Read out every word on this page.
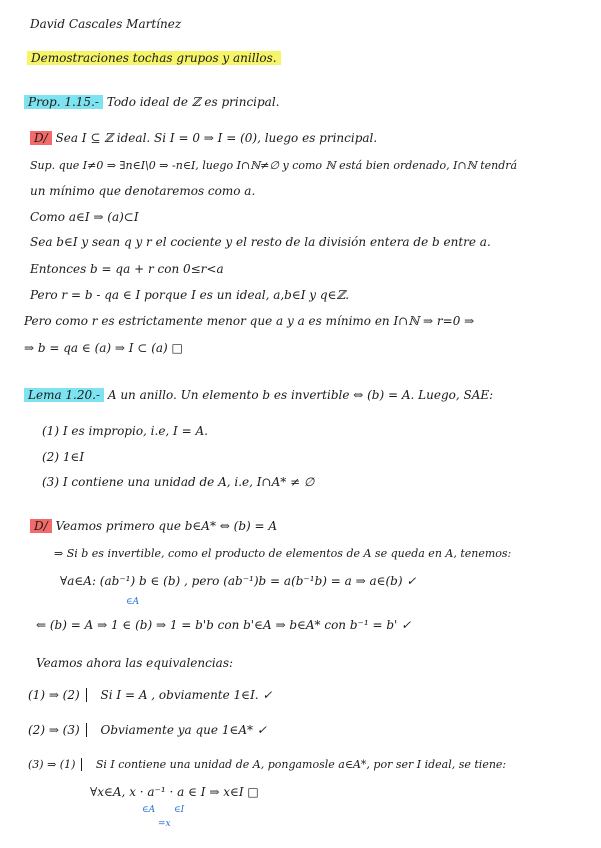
David Cascales Martínez
Demostraciones tochas grupos y anillos.
Prop. 1.15.- Todo ideal de ℤ es principal.
D/ Sea I ⊆ ℤ ideal. Si I = 0 ⇒ I = (0), luego es principal.
Sup. que I≠0 ⇒ ∃n∈I\0 ⇒ -n∈I, luego I∩ℕ≠∅ y como ℕ está bien ordenado, I∩ℕ tendrá
un mínimo que denotaremos como a.
Como a∈I ⇒ (a)⊂I
Sea b∈I y sean q y r el cociente y el resto de la división entera de b entre a.
Entonces b = qa + r con 0≤r<a
Pero r = b - qa ∈ I porque I es un ideal, a,b∈I y q∈ℤ.
Pero como r es estrictamente menor que a y a es mínimo en I∩ℕ ⇒ r=0 ⇒
⇒ b = qa ∈ (a) ⇒ I ⊂ (a) □
Lema 1.20.- A un anillo. Un elemento b es invertible ⇔ (b) = A. Luego, SAE:
(1) I es impropio, i.e, I = A.
(2) 1∈I
(3) I contiene una unidad de A, i.e, I∩A* ≠ ∅
D/ Veamos primero que b∈A* ⇔ (b) = A
⇒ Si b es invertible, como el producto de elementos de A se queda en A, tenemos:
∀a∈A: (ab⁻¹) b ∈ (b) , pero (ab⁻¹)b = a(b⁻¹b) = a ⇒ a∈(b) ✓
∈A
⇐ (b) = A ⇒ 1 ∈ (b) ⇒ 1 = b'b con b'∈A ⇒ b∈A* con b⁻¹ = b' ✓
Veamos ahora las equivalencias:
(1) ⇒ (2) Si I = A , obviamente 1∈I. ✓
(2) ⇒ (3) Obviamente ya que 1∈A* ✓
(3) ⇒ (1) Si I contiene una unidad de A, pongamosle a∈A*, por ser I ideal, se tiene:
∀x∈A, x · a⁻¹ · a ∈ I ⇒ x∈I □
∈A ∈I
=x
